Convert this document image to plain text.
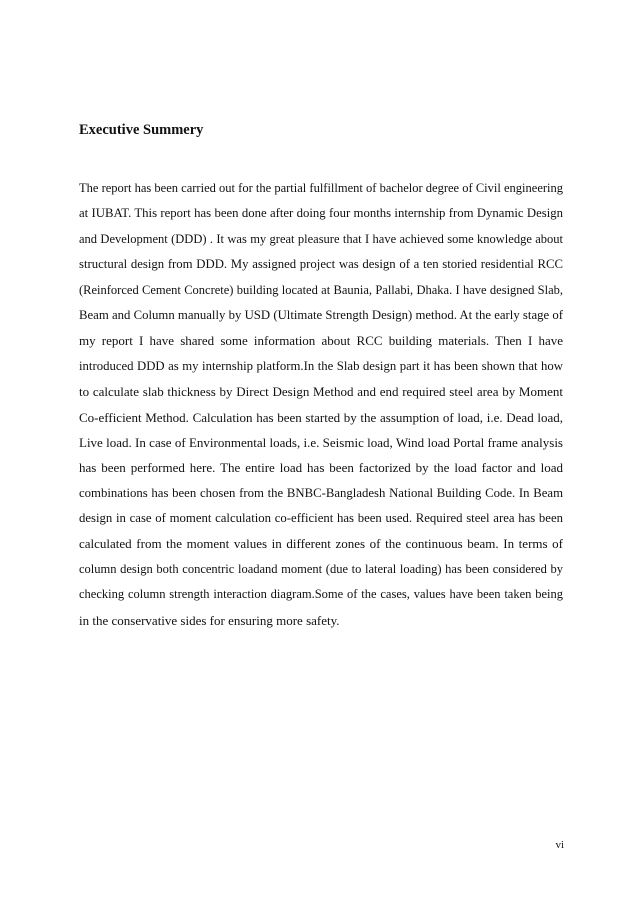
Executive Summery
The report has been carried out for the partial fulfillment of bachelor degree of Civil engineering
at IUBAT. This report has been done after doing four months internship from Dynamic Design
and Development (DDD) . It was my great pleasure that I have achieved some knowledge about
structural design from DDD. My assigned project was design of a ten storied residential RCC
(Reinforced Cement Concrete) building located at Baunia, Pallabi, Dhaka. I have designed Slab,
Beam and Column manually by USD (Ultimate Strength Design) method. At the early stage of
my report I have shared some information about RCC building materials. Then I have
introduced DDD as my internship platform.In the Slab design part it has been shown that how
to calculate slab thickness by Direct Design Method and end required steel area by Moment
Co-efficient Method. Calculation has been started by the assumption of load, i.e. Dead load,
Live load. In case of Environmental loads, i.e. Seismic load, Wind load Portal frame analysis
has been performed here. The entire load has been factorized by the load factor and load
combinations has been chosen from the BNBC-Bangladesh National Building Code. In Beam
design in case of moment calculation co-efficient has been used. Required steel area has been
calculated from the moment values in different zones of the continuous beam. In terms of
column design both concentric loadand moment (due to lateral loading) has been considered by
checking column strength interaction diagram.Some of the cases, values have been taken being
in the conservative sides for ensuring more safety.
vi
